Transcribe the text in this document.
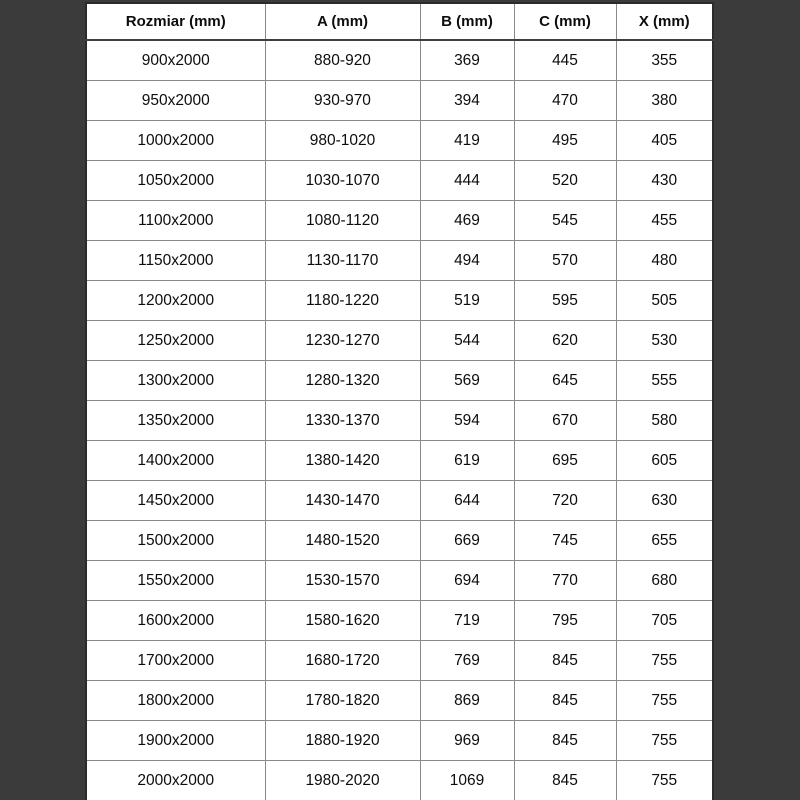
Rozmiar (mm)	A (mm)	B (mm)	C (mm)	X (mm)
900x2000	880-920	369	445	355
950x2000	930-970	394	470	380
1000x2000	980-1020	419	495	405
1050x2000	1030-1070	444	520	430
1100x2000	1080-1120	469	545	455
1150x2000	1130-1170	494	570	480
1200x2000	1180-1220	519	595	505
1250x2000	1230-1270	544	620	530
1300x2000	1280-1320	569	645	555
1350x2000	1330-1370	594	670	580
1400x2000	1380-1420	619	695	605
1450x2000	1430-1470	644	720	630
1500x2000	1480-1520	669	745	655
1550x2000	1530-1570	694	770	680
1600x2000	1580-1620	719	795	705
1700x2000	1680-1720	769	845	755
1800x2000	1780-1820	869	845	755
1900x2000	1880-1920	969	845	755
2000x2000	1980-2020	1069	845	755
